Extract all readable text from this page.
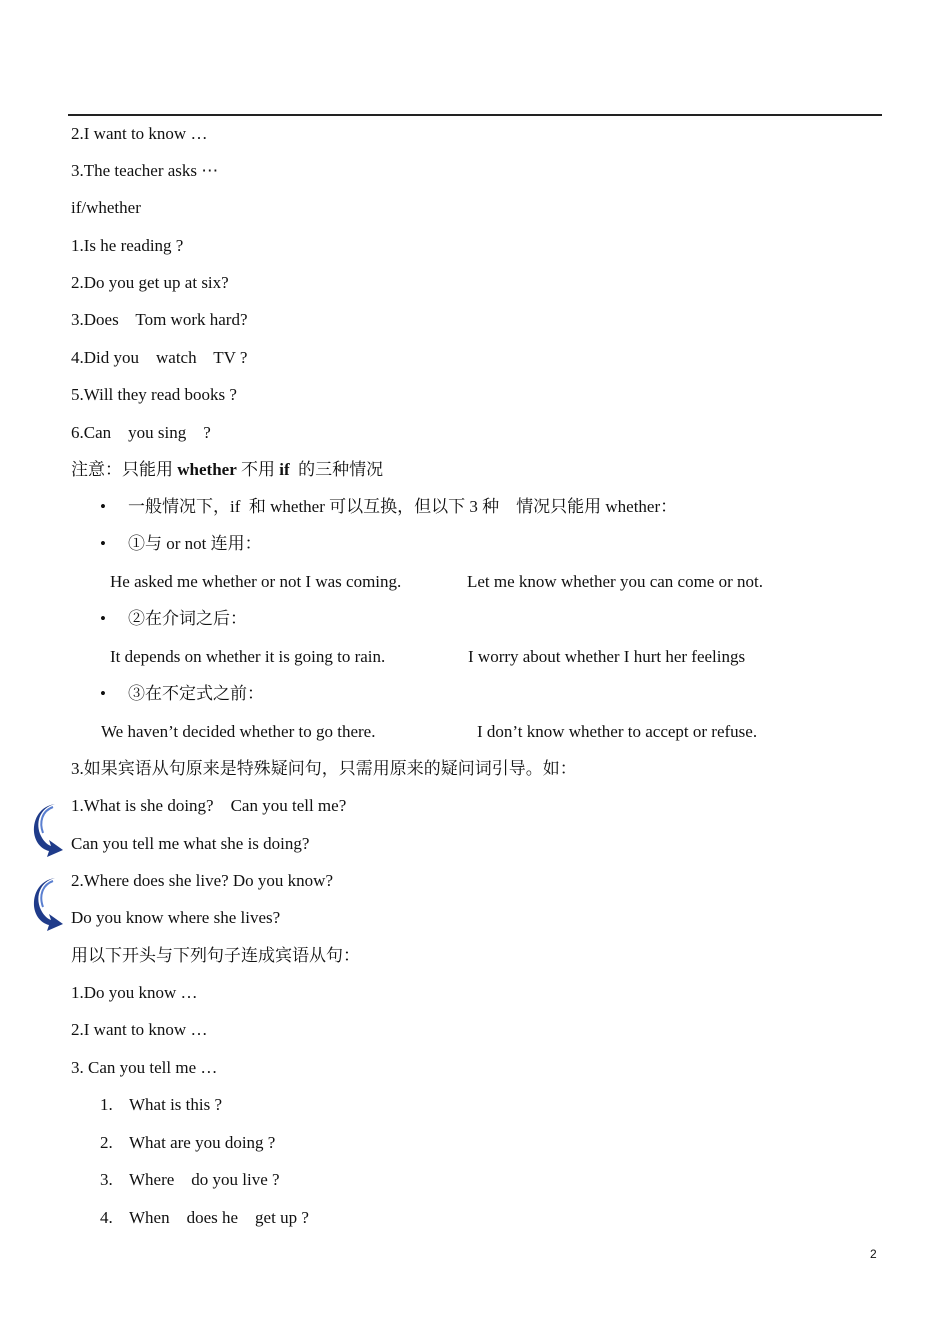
2.I want to know …
3.The teacher asks ⋯
if/whether
1.Is he reading ?
2.Do you get up at six?
3.Does    Tom work hard?
4.Did you    watch    TV ?
5.Will they read books ?
6.Can    you sing    ?
注意：只能用 whether 不用 if  的三种情况
• 一般情况下，if  和 whether 可以互换，但以下 3 种    情况只能用 whether：
• ①与 or not 连用：
He asked me whether or not I was coming.	Let me know whether you can come or not.
• ②在介词之后：
It depends on whether it is going to rain.	I worry about whether I hurt her feelings
• ③在不定式之前：
We haven’t decided whether to go there.	I don’t know whether to accept or refuse.
3.如果宾语从句原来是特殊疑问句，只需用原来的疑问词引导。如：
1.What is she doing?    Can you tell me?
Can you tell me what she is doing?
2.Where does she live? Do you know?
Do you know where she lives?
用以下开头与下列句子连成宾语从句：
1.Do you know …
2.I want to know …
3. Can you tell me …
1. What is this ?
2. What are you doing ?
3. Where    do you live ?
4. When    does he    get up ?
2
